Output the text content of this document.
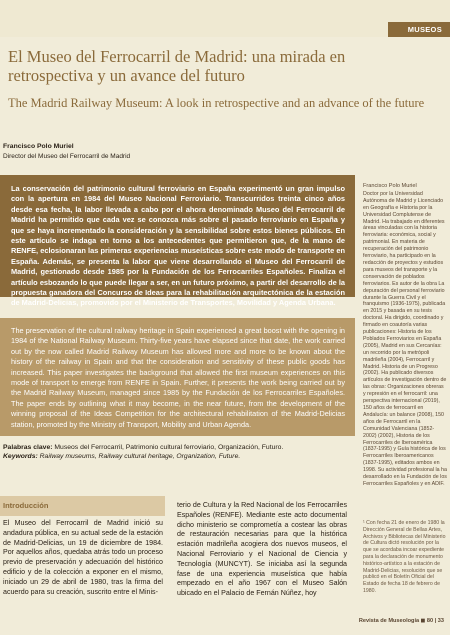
MUSEOS
El Museo del Ferrocarril de Madrid: una mirada en retrospectiva y un avance del futuro
The Madrid Railway Museum: A look in retrospective and an advance of the future
Francisco Polo Muriel
Director del Museo del Ferrocarril de Madrid
La conservación del patrimonio cultural ferroviario en España experimentó un gran impulso con la apertura en 1984 del Museo Nacional Ferroviario. Transcurridos treinta cinco años desde esa fecha, la labor llevada a cabo por el ahora denominado Museo del Ferrocarril de Madrid ha permitido que cada vez se conozca más sobre el pasado ferroviario en España y que se haya incrementado la consideración y la sensibilidad sobre estos bienes públicos. En este artículo se indaga en torno a los antecedentes que permitieron que, de la mano de RENFE, eclosionaran las primeras experiencias museísticas sobre este modo de transporte en España. Además, se presenta la labor que viene desarrollando el Museo del Ferrocarril de Madrid, gestionado desde 1985 por la Fundación de los Ferrocarriles Españoles. Finaliza el artículo esbozando lo que puede llegar a ser, en un futuro próximo, a partir del desarrollo de la propuesta ganadora del Concurso de Ideas para la rehabilitación arquitectónica de la estación de Madrid-Delicias, promovido por el Ministerio de Transportes, Movilidad y Agenda Urbana.
The preservation of the cultural railway heritage in Spain experienced a great boost with the opening in 1984 of the National Railway Museum. Thirty-five years have elapsed since that date, the work carried out by the now called Madrid Railway Museum has allowed more and more to be known about the history of the railway in Spain and that the consideration and sensitivity of these public goods has increased. This paper investigates the background that allowed the first museum experiences on this mode of transport to emerge from RENFE in Spain. Further, it presents the work being carried out by the Madrid Railway Museum, managed since 1985 by the Fundación de los Ferrocarriles Españoles. The paper ends by outlining what it may become, in the near future, from the development of the winning proposal of the Ideas Competition for the architectural rehabilitation of the Madrid-Delicias station, promoted by the Ministry of Transport, Mobility and Urban Agenda.
Palabras clave: Museos del Ferrocarril, Patrimonio cultural ferroviario, Organización, Futuro.
Keywords: Railway museums, Railway cultural heritage, Organization, Future.
Introducción
El Museo del Ferrocarril de Madrid inició su andadura pública, en su actual sede de la estación de Madrid-Delicias, un 19 de diciembre de 1984. Por aquellos años, quedaba atrás todo un proceso previo de preservación y adecuación del histórico edificio y de la colección a exponer en el mismo, iniciado un 29 de abril de 1980, tras la firma del acuerdo para su creación, suscrito entre el Minis-
terio de Cultura y la Red Nacional de los Ferrocarriles Españoles (RENFE). Mediante este acto documental dicho ministerio se comprometía a costear las obras de restauración necesarias para que la histórica estación madrileña acogiera dos nuevos museos, el Nacional Ferroviario y el Nacional de Ciencia y Tecnología (MUNCYT). Se iniciaba así la segunda fase de una experiencia museística que había empezado en el año 1967 con el Museo Salón ubicado en el Palacio de Fernán Núñez, hoy
Francisco Polo Muriel
Doctor por la Universidad Autónoma de Madrid y Licenciado en Geografía e Historia por la Universidad Complutense de Madrid. Ha trabajado en diferentes áreas vinculadas con la historia ferroviaria: económica, social y patrimonial. En materia de recuperación del patrimonio ferroviario, ha participado en la redacción de proyectos y estudios para museos del transporte y la conservación de poblados ferroviarios. Es autor de la obra La depuración del personal ferroviario durante la Guerra Civil y el franquismo (1936-1975), publicada en 2015 y basada en su tesis doctoral. Ha dirigido, coordinado y firmado en coautoría varias publicaciones: Historia de los Poblados Ferroviarios en España (2005), Madrid en sus Cercanías: un recorrido por la metrópoli madrileña (2004), Ferrocarril y Madrid. Historia de un Progreso (2002). Ha publicado diversos artículos de investigación dentro de las obras: Organizaciones obreras y represión en el ferrocarril: una perspectiva internacional (2019), 150 años de ferrocarril en Andalucía: un balance (2008), 150 años de Ferrocarril en la Comunidad Valenciana (1852-2002) (2002), Historia de los Ferrocarriles de Iberoamérica (1837-1995) y Guía histórica de los Ferrocarriles Iberoamericanos (1837-1995), editados ambos en 1998. Su actividad profesional la ha desarrollado en la Fundación de los Ferrocarriles Españoles y en ADIF.
¹ Con fecha 21 de enero de 1980 la Dirección General de Bellas Artes, Archivos y Bibliotecas del Ministerio de Cultura dictó resolución por la que se acordaba incoar expediente para la declaración de monumento histórico-artístico a la estación de Madrid-Delicias, resolución que se publicó en el Boletín Oficial del Estado de fecha 18 de febrero de 1980.
Revista de Museología ◼ 80 | 33
